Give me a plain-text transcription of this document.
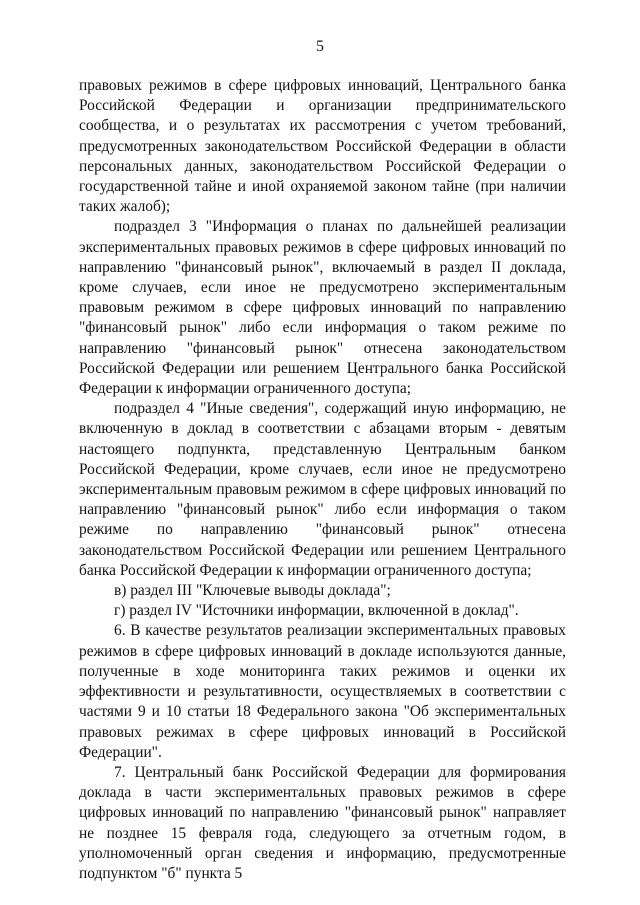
5

правовых режимов в сфере цифровых инноваций, Центрального банка Российской Федерации и организации предпринимательского сообщества, и о результатах их рассмотрения с учетом требований, предусмотренных законодательством Российской Федерации в области персональных данных, законодательством Российской Федерации о государственной тайне и иной охраняемой законом тайне (при наличии таких жалоб);

подраздел 3 "Информация о планах по дальнейшей реализации экспериментальных правовых режимов в сфере цифровых инноваций по направлению "финансовый рынок", включаемый в раздел II доклада, кроме случаев, если иное не предусмотрено экспериментальным правовым режимом в сфере цифровых инноваций по направлению "финансовый рынок" либо если информация о таком режиме по направлению "финансовый рынок" отнесена законодательством Российской Федерации или решением Центрального банка Российской Федерации к информации ограниченного доступа;

подраздел 4 "Иные сведения", содержащий иную информацию, не включенную в доклад в соответствии с абзацами вторым - девятым настоящего подпункта, представленную Центральным банком Российской Федерации, кроме случаев, если иное не предусмотрено экспериментальным правовым режимом в сфере цифровых инноваций по направлению "финансовый рынок" либо если информация о таком режиме по направлению "финансовый рынок" отнесена законодательством Российской Федерации или решением Центрального банка Российской Федерации к информации ограниченного доступа;

в) раздел III "Ключевые выводы доклада";

г) раздел IV "Источники информации, включенной в доклад".

6. В качестве результатов реализации экспериментальных правовых режимов в сфере цифровых инноваций в докладе используются данные, полученные в ходе мониторинга таких режимов и оценки их эффективности и результативности, осуществляемых в соответствии с частями 9 и 10 статьи 18 Федерального закона "Об экспериментальных правовых режимах в сфере цифровых инноваций в Российской Федерации".

7. Центральный банк Российской Федерации для формирования доклада в части экспериментальных правовых режимов в сфере цифровых инноваций по направлению "финансовый рынок" направляет не позднее 15 февраля года, следующего за отчетным годом, в уполномоченный орган сведения и информацию, предусмотренные подпунктом "б" пункта 5
